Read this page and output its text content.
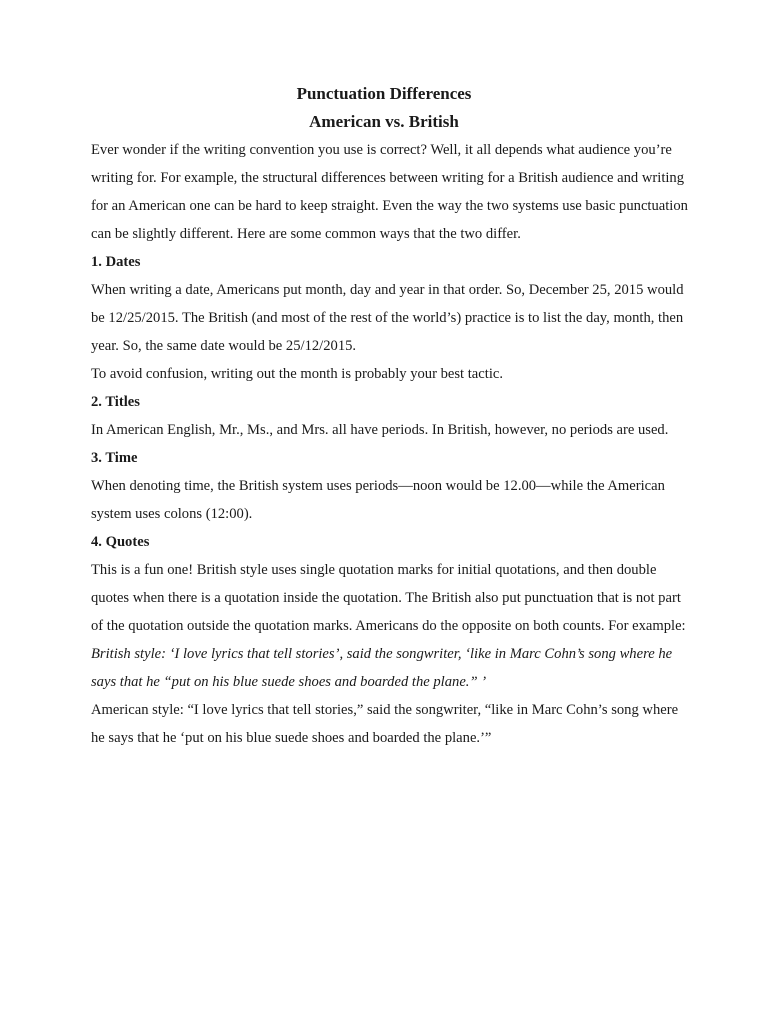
Punctuation Differences
American vs. British

Ever wonder if the writing convention you use is correct? Well, it all depends what audience you’re writing for. For example, the structural differences between writing for a British audience and writing for an American one can be hard to keep straight. Even the way the two systems use basic punctuation can be slightly different. Here are some common ways that the two differ.

1. Dates

When writing a date, Americans put month, day and year in that order. So, December 25, 2015 would be 12/25/2015. The British (and most of the rest of the world’s) practice is to list the day, month, then year. So, the same date would be 25/12/2015.

To avoid confusion, writing out the month is probably your best tactic.

2. Titles

In American English, Mr., Ms., and Mrs. all have periods. In British, however, no periods are used.

3. Time

When denoting time, the British system uses periods—noon would be 12.00—while the American system uses colons (12:00).

4. Quotes

This is a fun one! British style uses single quotation marks for initial quotations, and then double quotes when there is a quotation inside the quotation. The British also put punctuation that is not part of the quotation outside the quotation marks. Americans do the opposite on both counts. For example:

British style: ‘I love lyrics that tell stories’, said the songwriter, ‘like in Marc Cohn’s song where he says that he “put on his blue suede shoes and boarded the plane.” ’

American style: “I love lyrics that tell stories,” said the songwriter, “like in Marc Cohn’s song where he says that he ‘put on his blue suede shoes and boarded the plane.’”
